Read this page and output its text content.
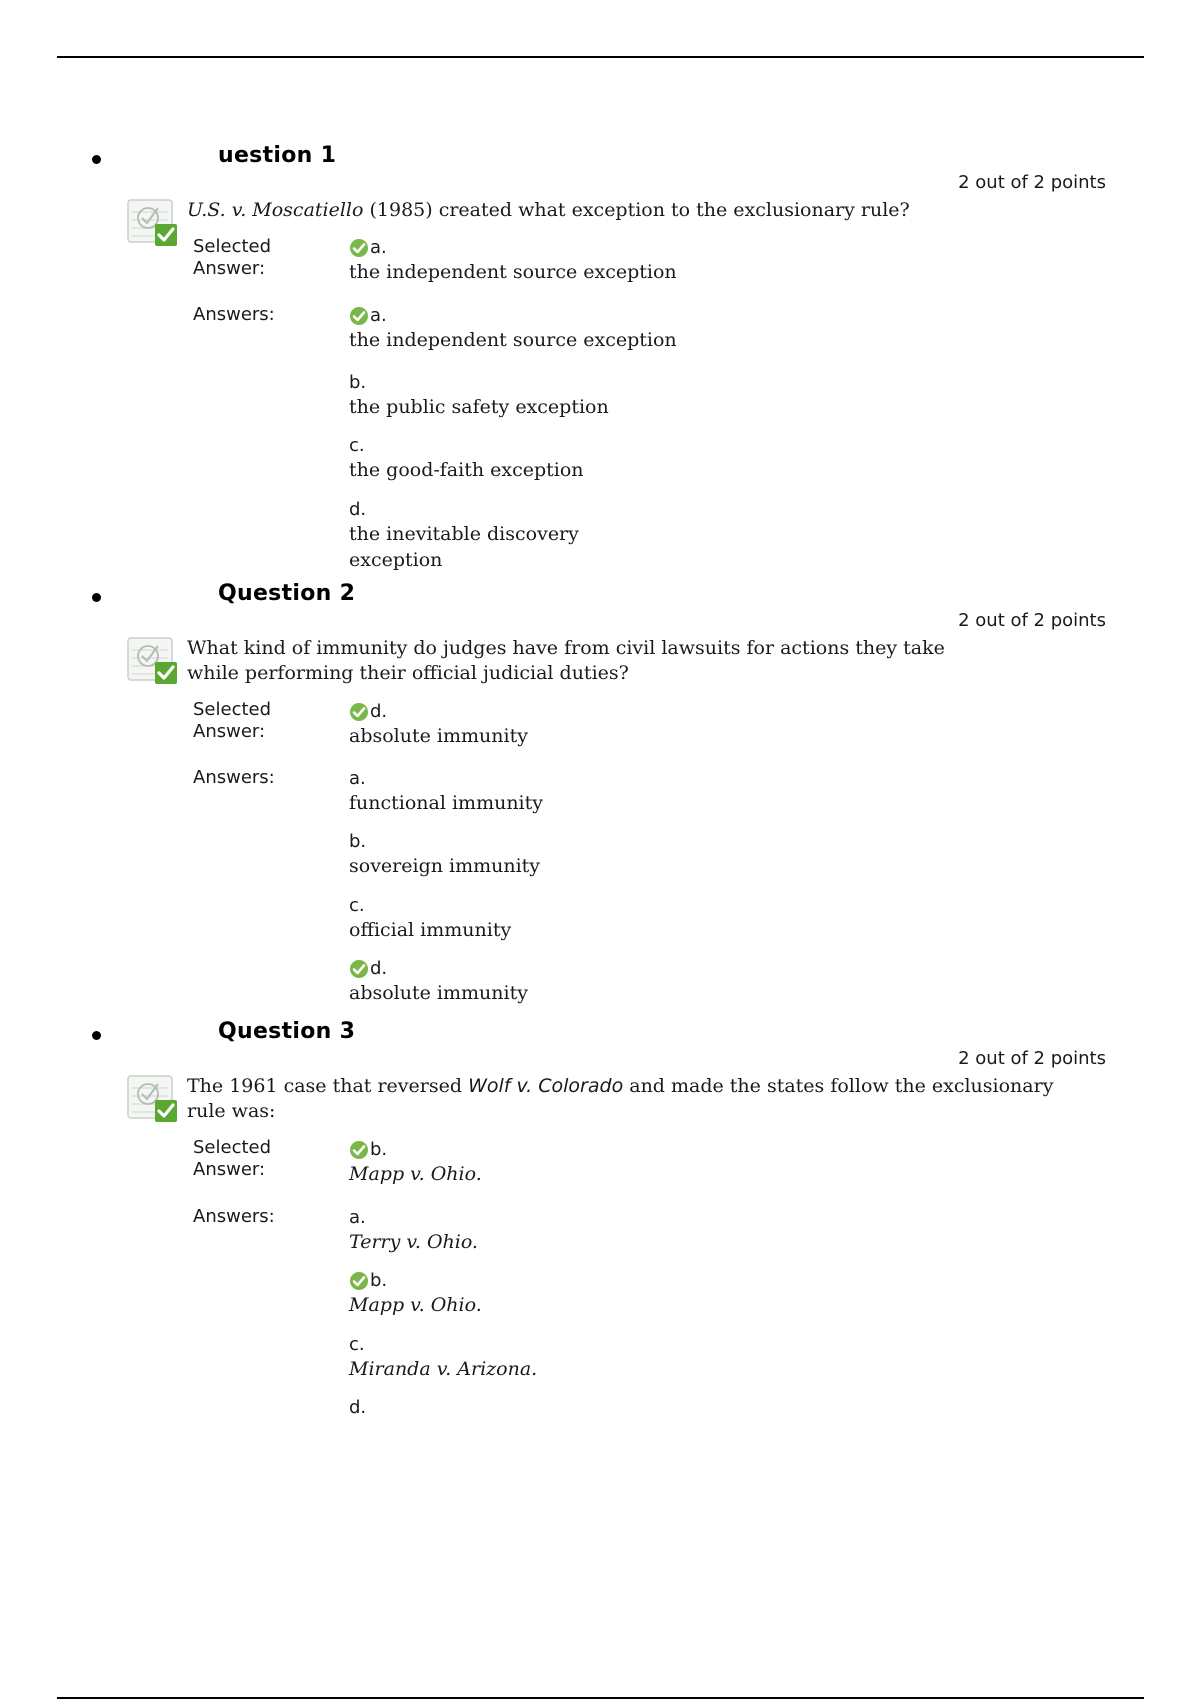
uestion 1
2 out of 2 points
U.S. v. Moscatiello (1985) created what exception to the exclusionary rule?
Selected
Answer:
a.
the independent source exception
Answers:	a.
the independent source exception
b.
the public safety exception
c.
the good-faith exception
d.
the inevitable discovery exception
Question 2
2 out of 2 points
What kind of immunity do judges have from civil lawsuits for actions they take while performing their official judicial duties?
Selected
Answer:
d.
absolute immunity
Answers:	a.
functional immunity
b.
sovereign immunity
c.
official immunity
d.
absolute immunity
Question 3
2 out of 2 points
The 1961 case that reversed Wolf v. Colorado and made the states follow the exclusionary rule was:
Selected
Answer:
b.
Mapp v. Ohio.
Answers:	a.
Terry v. Ohio.
b.
Mapp v. Ohio.
c.
Miranda v. Arizona.
d.
